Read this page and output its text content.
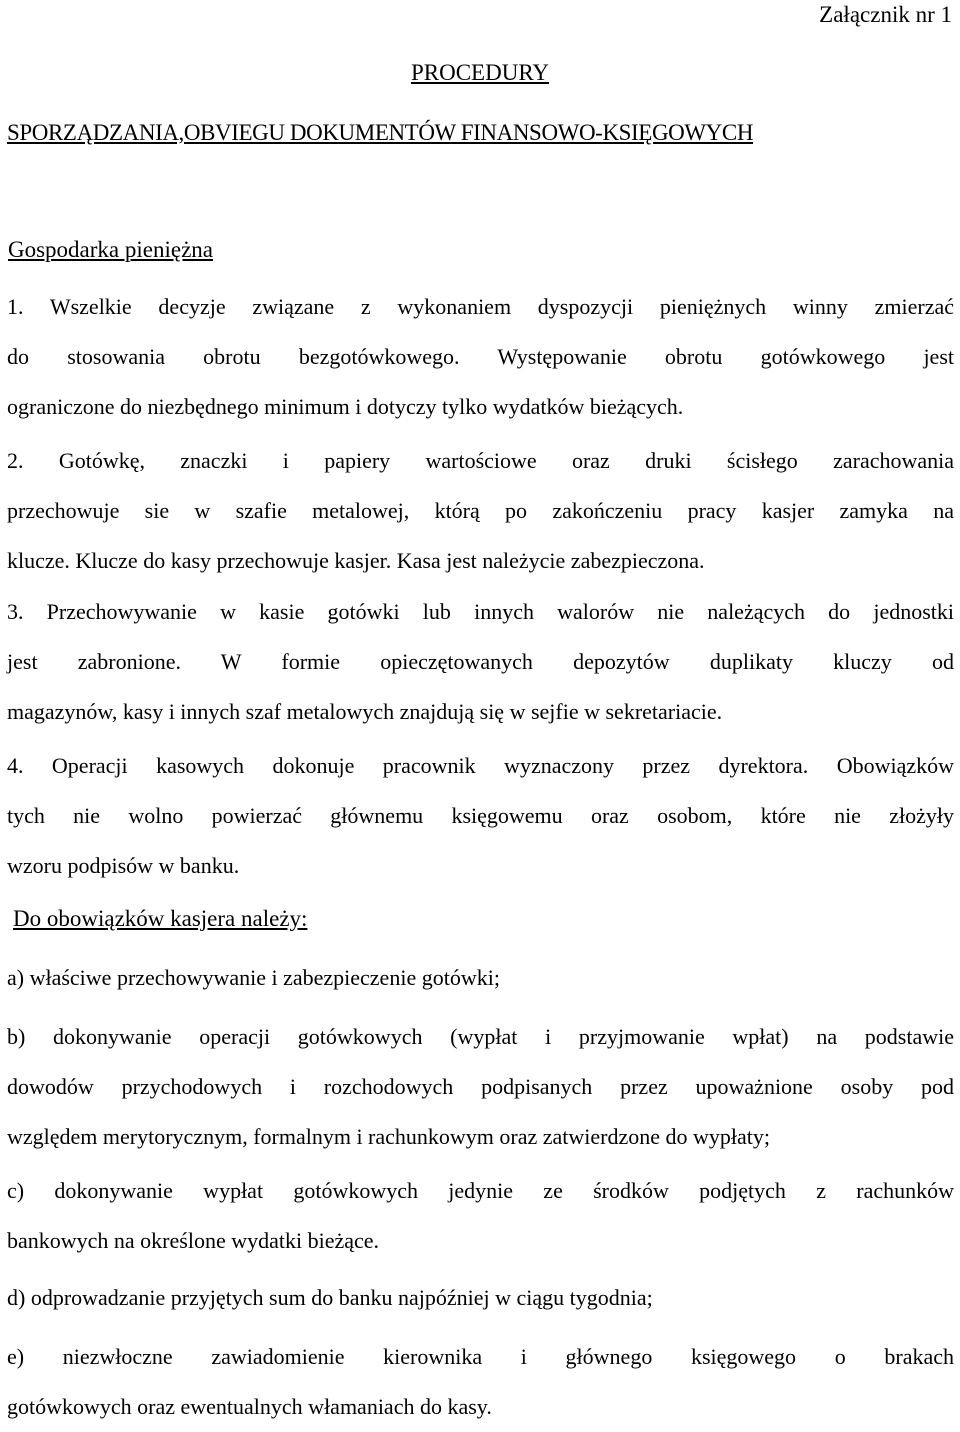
Załącznik nr 1
PROCEDURY
SPORZĄDZANIA,OBVIEGU DOKUMENTÓW FINANSOWO-KSIĘGOWYCH
Gospodarka pieniężna
1. Wszelkie decyzje związane z wykonaniem dyspozycji pieniężnych winny zmierzać
do stosowania obrotu bezgotówkowego. Występowanie obrotu gotówkowego jest
ograniczone do niezbędnego minimum i dotyczy tylko wydatków bieżących.
2. Gotówkę, znaczki i papiery wartościowe oraz druki ścisłego zarachowania
przechowuje sie w szafie metalowej, którą po zakończeniu pracy kasjer zamyka na
klucze. Klucze do kasy przechowuje kasjer. Kasa jest należycie zabezpieczona.
3. Przechowywanie w kasie gotówki lub innych walorów nie należących do jednostki
jest zabronione. W formie opieczętowanych depozytów duplikaty kluczy od
magazynów, kasy i innych szaf metalowych znajdują się w sejfie w sekretariacie.
4. Operacji kasowych dokonuje pracownik wyznaczony przez dyrektora. Obowiązków
tych nie wolno powierzać głównemu księgowemu oraz osobom, które nie złożyły
wzoru podpisów w banku.
Do obowiązków kasjera należy:
a) właściwe przechowywanie i zabezpieczenie gotówki;
b) dokonywanie operacji gotówkowych (wypłat i przyjmowanie wpłat) na podstawie
dowodów przychodowych i rozchodowych podpisanych przez upoważnione osoby pod
względem merytorycznym, formalnym i rachunkowym oraz zatwierdzone do wypłaty;
c) dokonywanie wypłat gotówkowych jedynie ze środków podjętych z rachunków
bankowych na określone wydatki bieżące.
d) odprowadzanie przyjętych sum do banku najpóźniej w ciągu tygodnia;
e) niezwłoczne zawiadomienie kierownika i głównego księgowego o brakach
gotówkowych oraz ewentualnych włamaniach do kasy.
